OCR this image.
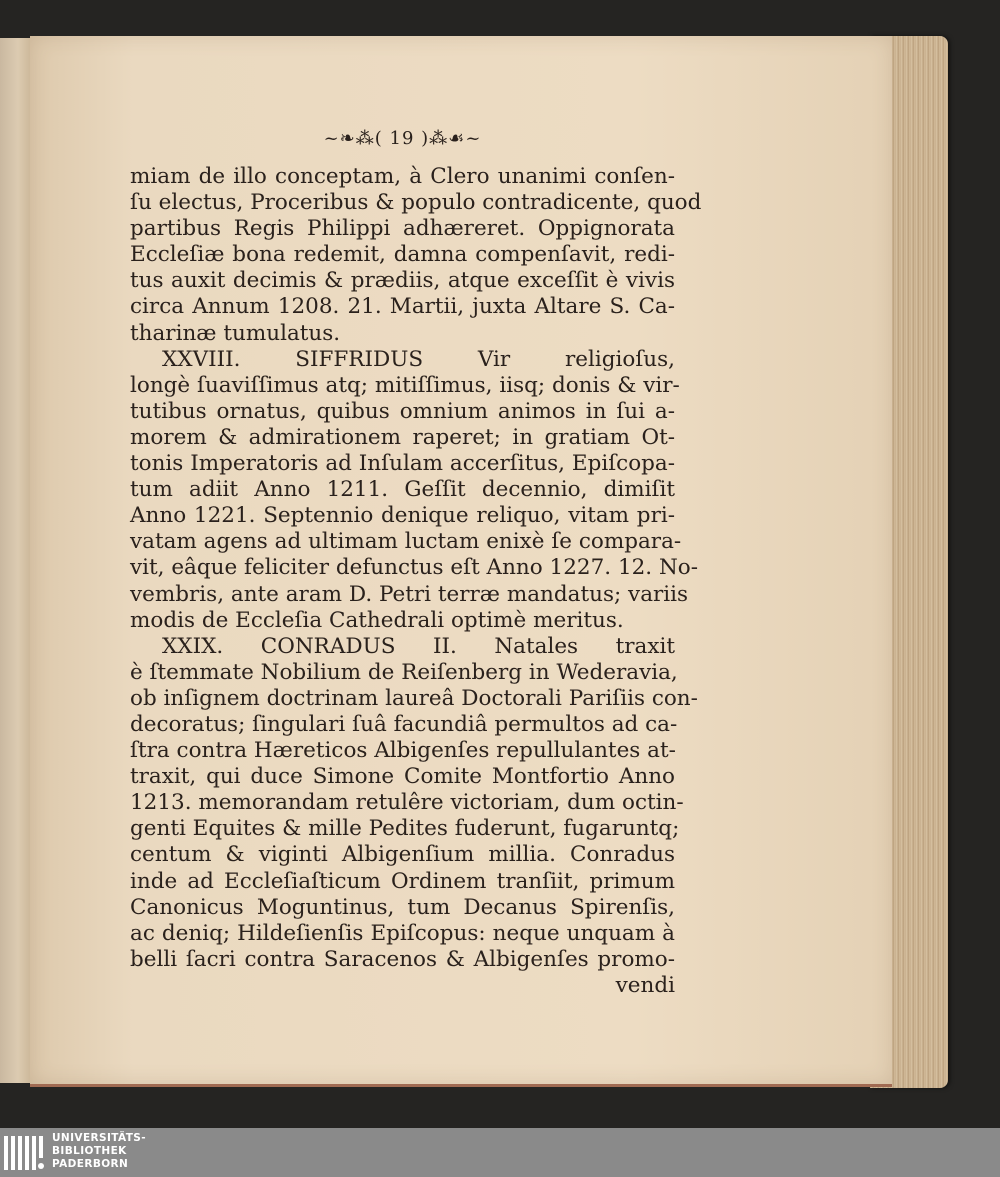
~❧⁂( 19 )⁂☙~
miam de illo conceptam, à Clero unanimi conſen-
ſu electus, Proceribus & populo contradicente, quod
partibus Regis Philippi adhæreret. Oppignorata
Eccleſiæ bona redemit, damna compenſavit, redi-
tus auxit decimis & prædiis, atque exceſſit è vivis
circa Annum 1208. 21. Martii, juxta Altare S. Ca-
tharinæ tumulatus.
XXVIII. SIFFRIDUS Vir religioſus,
longè ſuaviſſimus atq; mitiſſimus, iisq; donis & vir-
tutibus ornatus, quibus omnium animos in ſui a-
morem & admirationem raperet; in gratiam Ot-
tonis Imperatoris ad Inſulam accerſitus, Epiſcopa-
tum adiit Anno 1211. Geſſit decennio, dimiſit
Anno 1221. Septennio denique reliquo, vitam pri-
vatam agens ad ultimam luctam enixè ſe compara-
vit, eâque feliciter defunctus eſt Anno 1227. 12. No-
vembris, ante aram D. Petri terræ mandatus; variis
modis de Eccleſia Cathedrali optimè meritus.
XXIX. CONRADUS II. Natales traxit
è ſtemmate Nobilium de Reiſenberg in Wederavia,
ob inſignem doctrinam laureâ Doctorali Pariſiis con-
decoratus; ſingulari ſuâ facundiâ permultos ad ca-
ſtra contra Hæreticos Albigenſes repullulantes at-
traxit, qui duce Simone Comite Montfortio Anno
1213. memorandam retulêre victoriam, dum octin-
genti Equites & mille Pedites fuderunt, fugaruntq;
centum & viginti Albigenſium millia. Conradus
inde ad Eccleſiaſticum Ordinem tranſiit, primum
Canonicus Moguntinus, tum Decanus Spirenſis,
ac deniq; Hildeſienſis Epiſcopus: neque unquam à
belli ſacri contra Saracenos & Albigenſes promo-
vendi
UNIVERSITÄTS-
BIBLIOTHEK
PADERBORN
